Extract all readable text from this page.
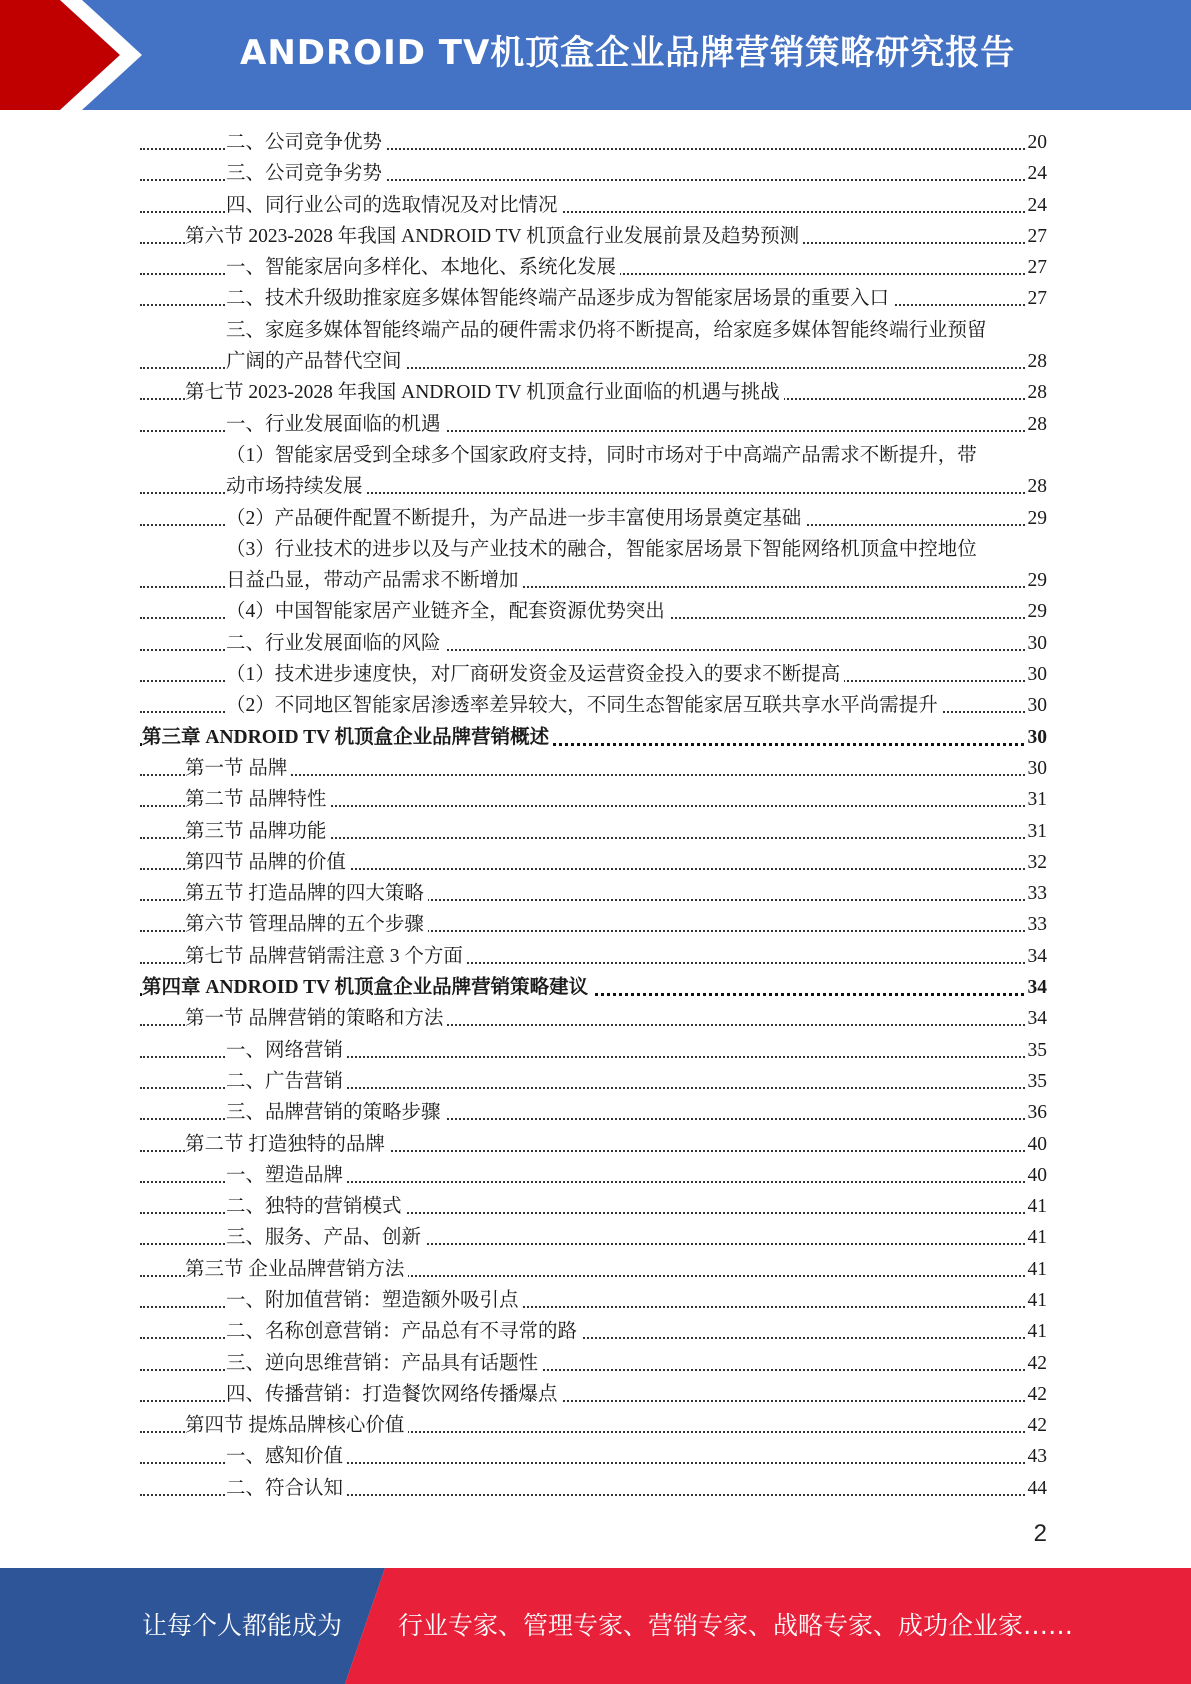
ANDROID TV机顶盒企业品牌营销策略研究报告
二、公司竞争优势	20
三、公司竞争劣势	24
四、同行业公司的选取情况及对比情况	24
第六节 2023-2028 年我国 ANDROID TV 机顶盒行业发展前景及趋势预测	27
一、智能家居向多样化、本地化、系统化发展	27
二、技术升级助推家庭多媒体智能终端产品逐步成为智能家居场景的重要入口	27
三、家庭多媒体智能终端产品的硬件需求仍将不断提高，给家庭多媒体智能终端行业预留
广阔的产品替代空间	28
第七节 2023-2028 年我国 ANDROID TV 机顶盒行业面临的机遇与挑战	28
一、行业发展面临的机遇	28
（1）智能家居受到全球多个国家政府支持，同时市场对于中高端产品需求不断提升，带
动市场持续发展	28
（2）产品硬件配置不断提升，为产品进一步丰富使用场景奠定基础	29
（3）行业技术的进步以及与产业技术的融合，智能家居场景下智能网络机顶盒中控地位
日益凸显，带动产品需求不断增加	29
（4）中国智能家居产业链齐全，配套资源优势突出	29
二、行业发展面临的风险	30
（1）技术进步速度快，对厂商研发资金及运营资金投入的要求不断提高	30
（2）不同地区智能家居渗透率差异较大，不同生态智能家居互联共享水平尚需提升	30
第三章 ANDROID TV 机顶盒企业品牌营销概述	30
第一节 品牌	30
第二节 品牌特性	31
第三节 品牌功能	31
第四节 品牌的价值	32
第五节 打造品牌的四大策略	33
第六节 管理品牌的五个步骤	33
第七节 品牌营销需注意 3 个方面	34
第四章 ANDROID TV 机顶盒企业品牌营销策略建议	34
第一节 品牌营销的策略和方法	34
一、网络营销	35
二、广告营销	35
三、品牌营销的策略步骤	36
第二节 打造独特的品牌	40
一、塑造品牌	40
二、独特的营销模式	41
三、服务、产品、创新	41
第三节 企业品牌营销方法	41
一、附加值营销：塑造额外吸引点	41
二、名称创意营销：产品总有不寻常的路	41
三、逆向思维营销：产品具有话题性	42
四、传播营销：打造餐饮网络传播爆点	42
第四节 提炼品牌核心价值	42
一、感知价值	43
二、符合认知	44
2
让每个人都能成为 行业专家、管理专家、营销专家、战略专家、成功企业家……
